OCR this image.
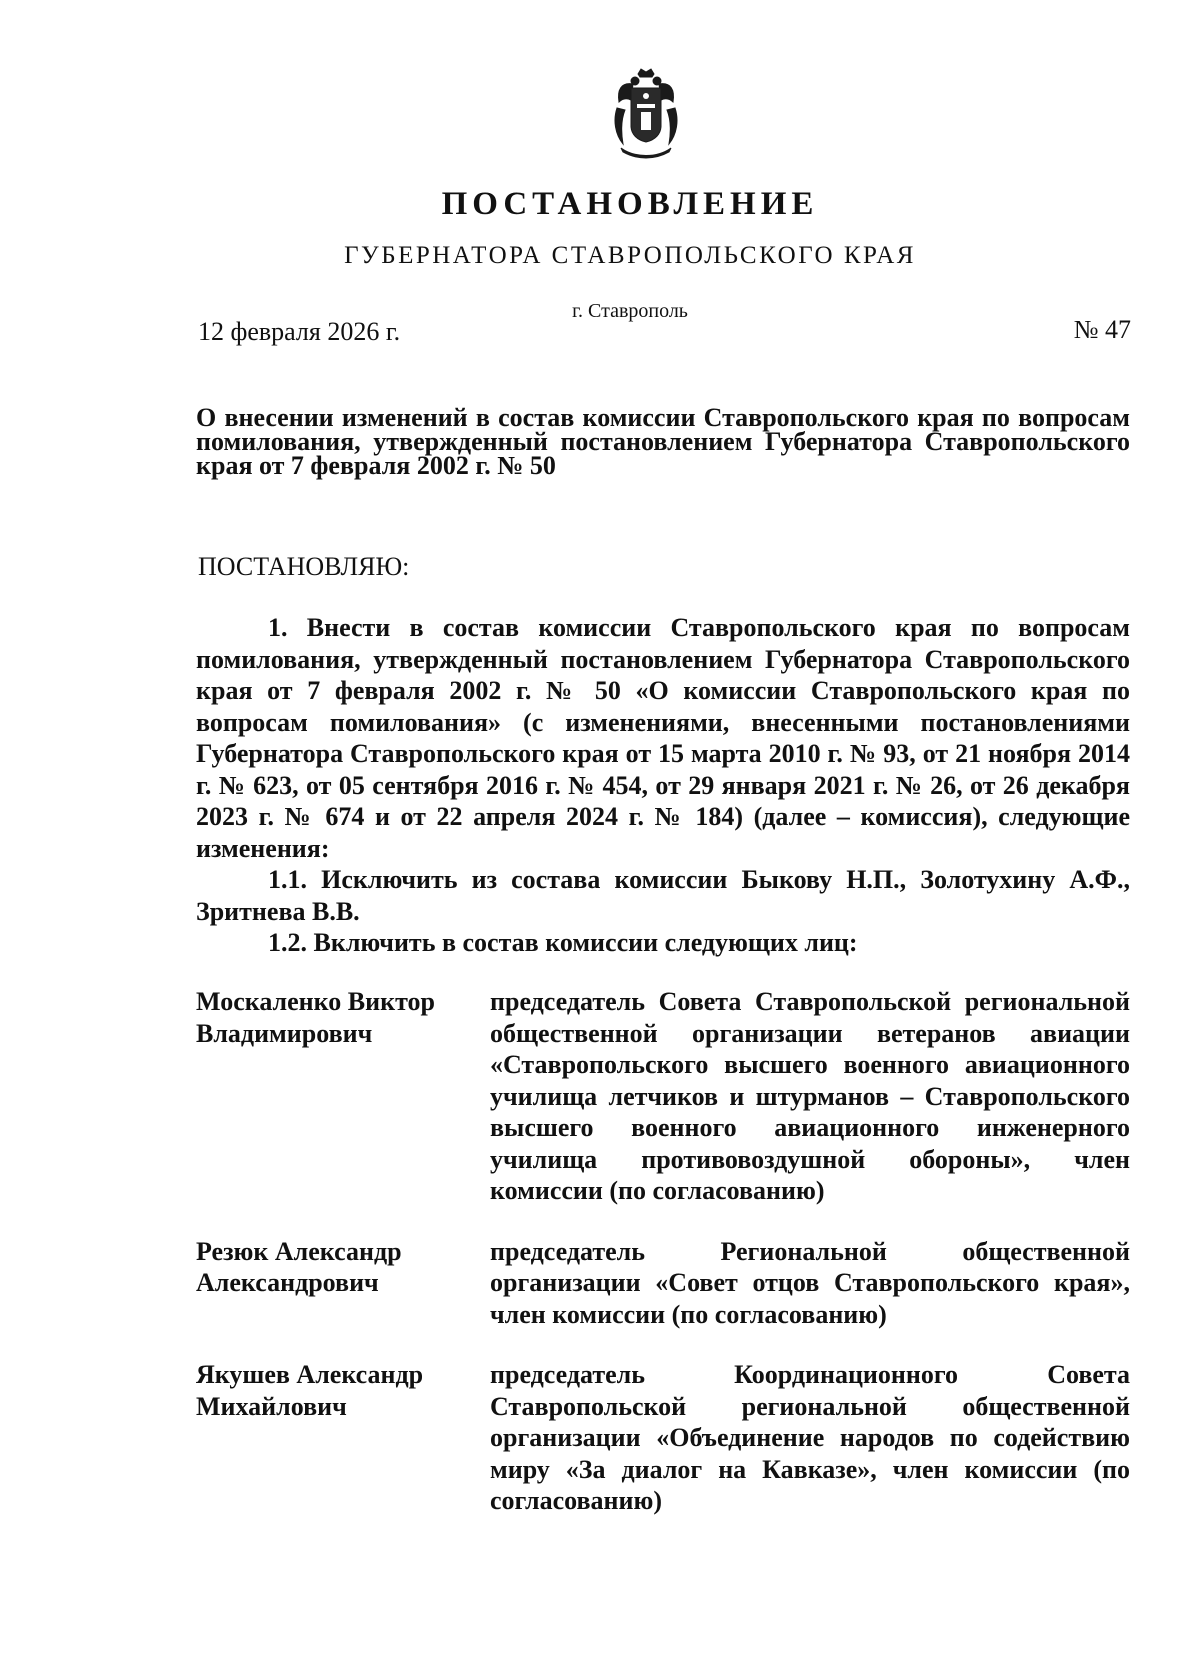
ПОСТАНОВЛЕНИЕ
ГУБЕРНАТОРА СТАВРОПОЛЬСКОГО КРАЯ
г. Ставрополь
12 февраля 2026 г.	№ 47
О внесении изменений в состав комиссии Ставропольского края по вопросам помилования, утвержденный постановлением Губернатора Ставропольского края от 7 февраля 2002 г. № 50
ПОСТАНОВЛЯЮ:

1. Внести в состав комиссии Ставропольского края по вопросам помилования, утвержденный постановлением Губернатора Ставропольского края от 7 февраля 2002 г. № 50 «О комиссии Ставропольского края по вопросам помилования» (с изменениями, внесенными постановлениями Губернатора Ставропольского края от 15 марта 2010 г. № 93, от 21 ноября 2014 г. № 623, от 05 сентября 2016 г. № 454, от 29 января 2021 г. № 26, от 26 декабря 2023 г. № 674 и от 22 апреля 2024 г. № 184) (далее – комиссия), следующие изменения:

1.1. Исключить из состава комиссии Быкову Н.П., Золотухину А.Ф., Зритнева В.В.

1.2. Включить в состав комиссии следующих лиц:

Москаленко Виктор Владимирович
председатель Совета Ставропольской региональной общественной организации ветеранов авиации «Ставропольского высшего военного авиационного училища летчиков и штурманов – Ставропольского высшего военного авиационного инженерного училища противовоздушной обороны», член комиссии (по согласованию)
Резюк Александр Александрович
председатель Региональной общественной организации «Совет отцов Ставропольского края», член комиссии (по согласованию)
Якушев Александр Михайлович
председатель Координационного Совета Ставропольской региональной общественной организации «Объединение народов по содействию миру «За диалог на Кавказе», член комиссии (по согласованию)
